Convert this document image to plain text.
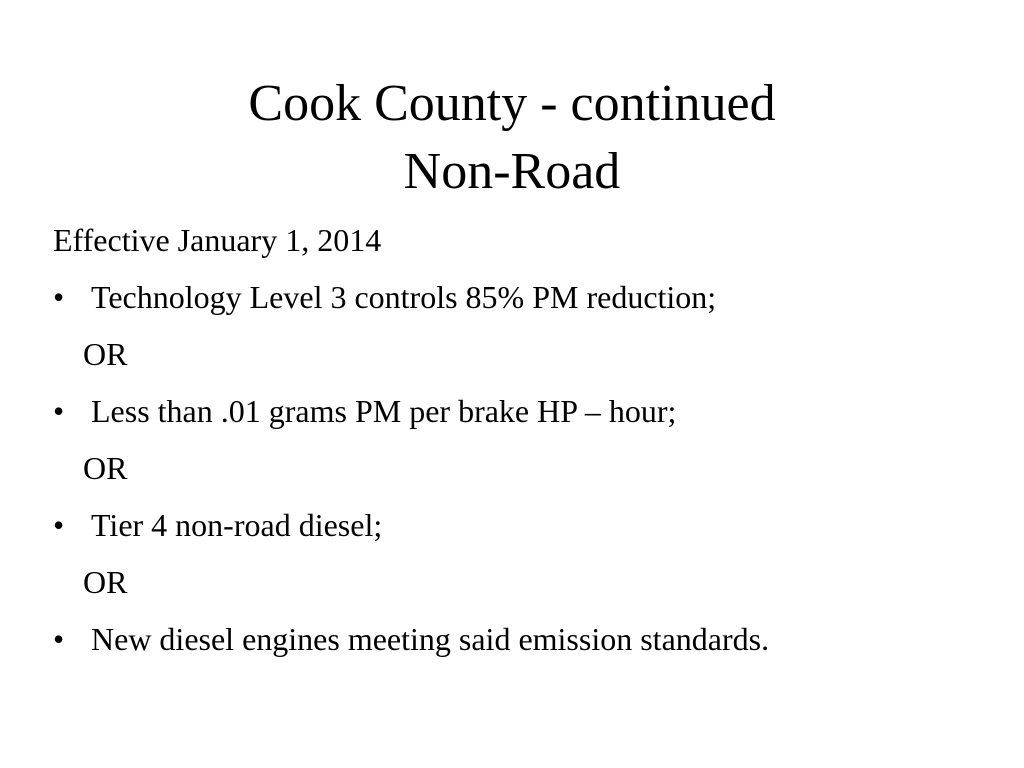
Cook County - continued
Non-Road
Effective January 1, 2014
• Technology Level 3 controls 85% PM reduction;
OR
• Less than .01 grams PM per brake HP – hour;
OR
• Tier 4 non-road diesel;
OR
• New diesel engines meeting said emission standards.
